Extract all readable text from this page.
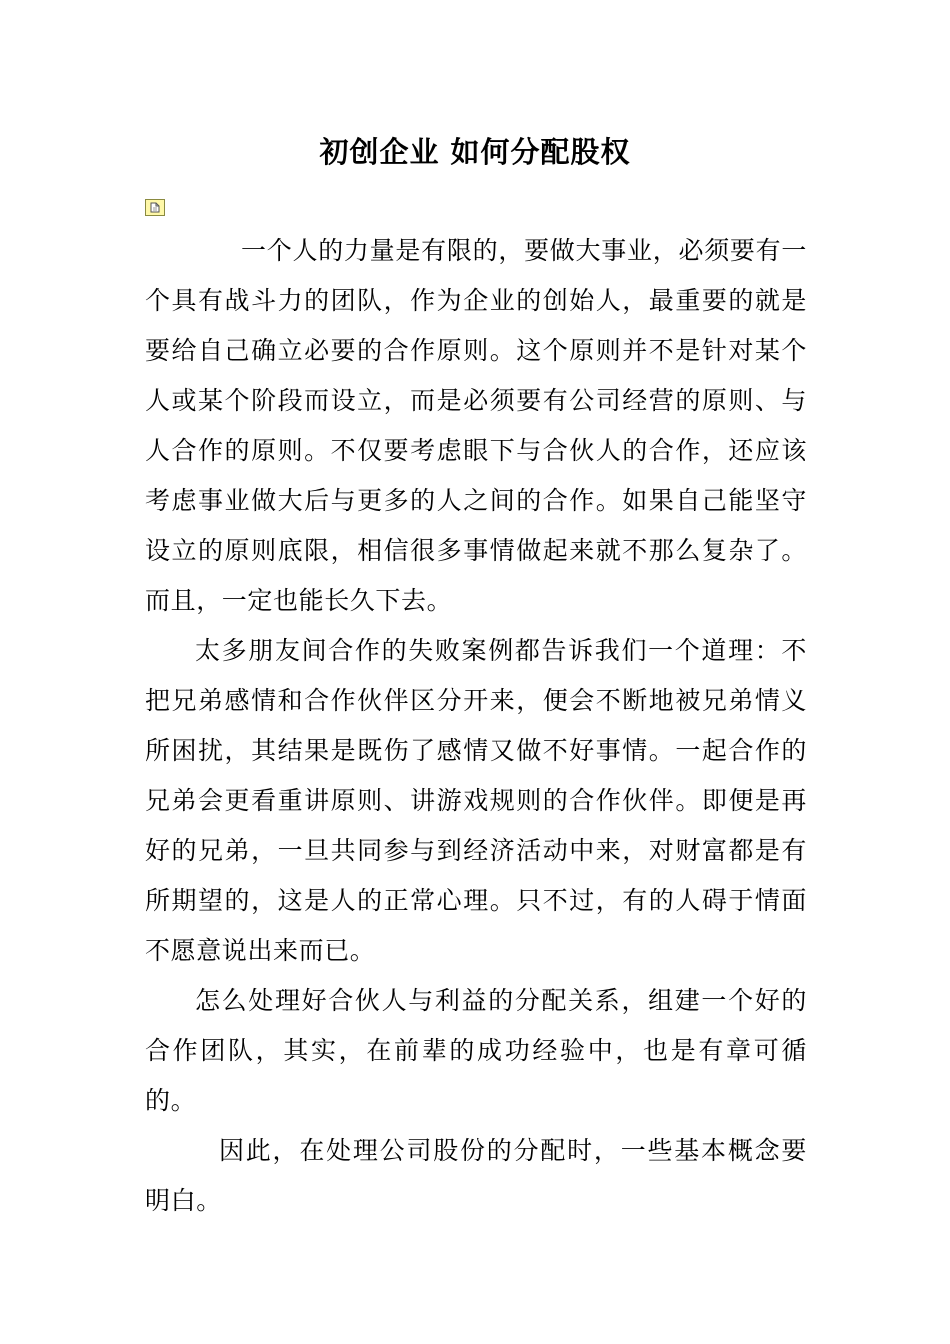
初创企业 如何分配股权

一个人的力量是有限的，要做大事业，必须要有一个具有战斗力的团队，作为企业的创始人，最重要的就是要给自己确立必要的合作原则。这个原则并不是针对某个人或某个阶段而设立，而是必须要有公司经营的原则、与人合作的原则。不仅要考虑眼下与合伙人的合作，还应该考虑事业做大后与更多的人之间的合作。如果自己能坚守设立的原则底限，相信很多事情做起来就不那么复杂了。而且，一定也能长久下去。

太多朋友间合作的失败案例都告诉我们一个道理：不把兄弟感情和合作伙伴区分开来，便会不断地被兄弟情义所困扰，其结果是既伤了感情又做不好事情。一起合作的兄弟会更看重讲原则、讲游戏规则的合作伙伴。即便是再好的兄弟，一旦共同参与到经济活动中来，对财富都是有所期望的，这是人的正常心理。只不过，有的人碍于情面不愿意说出来而已。

怎么处理好合伙人与利益的分配关系，组建一个好的合作团队，其实，在前辈的成功经验中，也是有章可循的。

因此，在处理公司股份的分配时，一些基本概念要明白。
